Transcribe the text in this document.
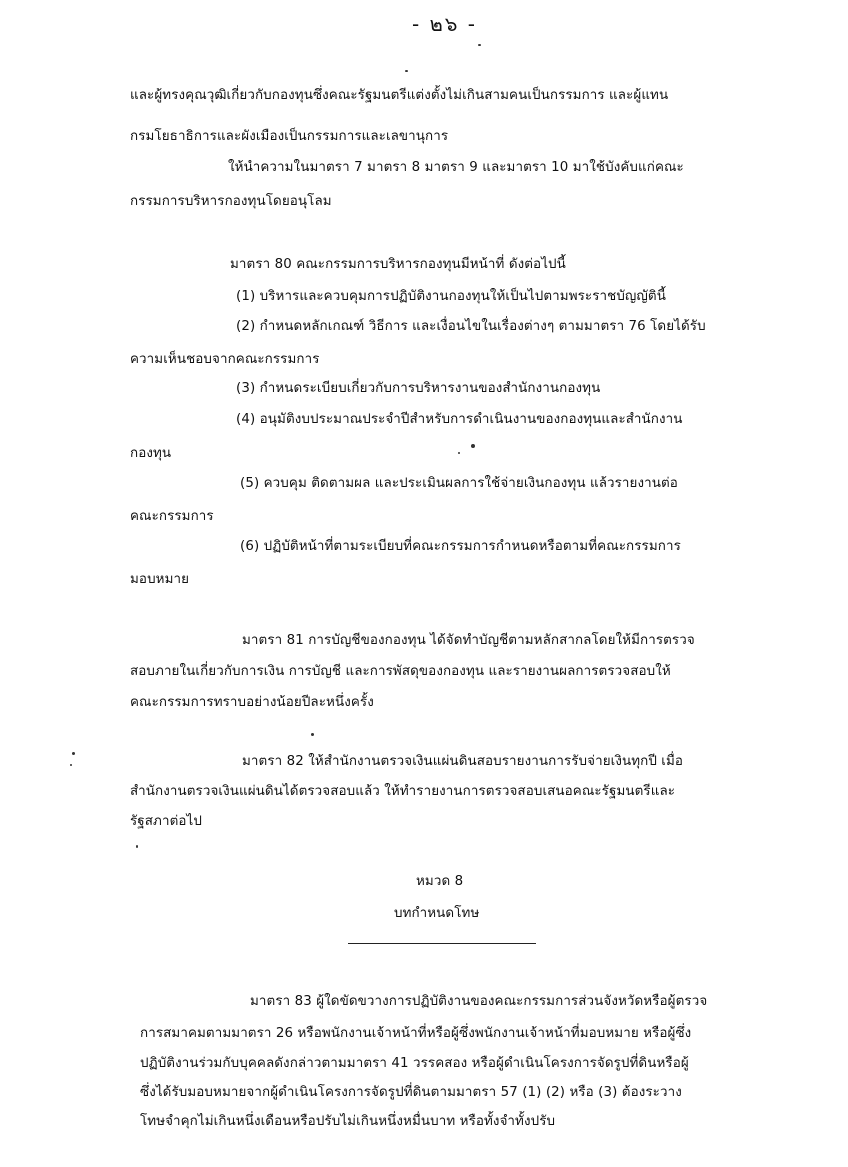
- ๒๖ -
และผู้ทรงคุณวุฒิเกี่ยวกับกองทุนซึ่งคณะรัฐมนตรีแต่งตั้งไม่เกินสามคนเป็นกรรมการ และผู้แทน
กรมโยธาธิการและผังเมืองเป็นกรรมการและเลขานุการ
ให้นำความในมาตรา 7 มาตรา 8 มาตรา 9 และมาตรา 10 มาใช้บังคับแก่คณะ
กรรมการบริหารกองทุนโดยอนุโลม
มาตรา 80 คณะกรรมการบริหารกองทุนมีหน้าที่ ดังต่อไปนี้
(1) บริหารและควบคุมการปฏิบัติงานกองทุนให้เป็นไปตามพระราชบัญญัตินี้
(2) กำหนดหลักเกณฑ์ วิธีการ และเงื่อนไขในเรื่องต่างๆ ตามมาตรา 76 โดยได้รับ
ความเห็นชอบจากคณะกรรมการ
(3) กำหนดระเบียบเกี่ยวกับการบริหารงานของสำนักงานกองทุน
(4) อนุมัติงบประมาณประจำปีสำหรับการดำเนินงานของกองทุนและสำนักงาน
กองทุน
(5) ควบคุม ติดตามผล และประเมินผลการใช้จ่ายเงินกองทุน แล้วรายงานต่อ
คณะกรรมการ
(6) ปฏิบัติหน้าที่ตามระเบียบที่คณะกรรมการกำหนดหรือตามที่คณะกรรมการ
มอบหมาย
มาตรา 81 การบัญชีของกองทุน ได้จัดทำบัญชีตามหลักสากลโดยให้มีการตรวจ
สอบภายในเกี่ยวกับการเงิน การบัญชี และการพัสดุของกองทุน และรายงานผลการตรวจสอบให้
คณะกรรมการทราบอย่างน้อยปีละหนึ่งครั้ง
มาตรา 82 ให้สำนักงานตรวจเงินแผ่นดินสอบรายงานการรับจ่ายเงินทุกปี เมื่อ
สำนักงานตรวจเงินแผ่นดินได้ตรวจสอบแล้ว ให้ทำรายงานการตรวจสอบเสนอคณะรัฐมนตรีและ
รัฐสภาต่อไป
หมวด 8
บทกำหนดโทษ
มาตรา 83 ผู้ใดขัดขวางการปฏิบัติงานของคณะกรรมการส่วนจังหวัดหรือผู้ตรวจ
การสมาคมตามมาตรา 26 หรือพนักงานเจ้าหน้าที่หรือผู้ซึ่งพนักงานเจ้าหน้าที่มอบหมาย หรือผู้ซึ่ง
ปฏิบัติงานร่วมกับบุคคลดังกล่าวตามมาตรา 41 วรรคสอง หรือผู้ดำเนินโครงการจัดรูปที่ดินหรือผู้
ซึ่งได้รับมอบหมายจากผู้ดำเนินโครงการจัดรูปที่ดินตามมาตรา 57 (1) (2) หรือ (3) ต้องระวาง
โทษจำคุกไม่เกินหนึ่งเดือนหรือปรับไม่เกินหนึ่งหมื่นบาท หรือทั้งจำทั้งปรับ
